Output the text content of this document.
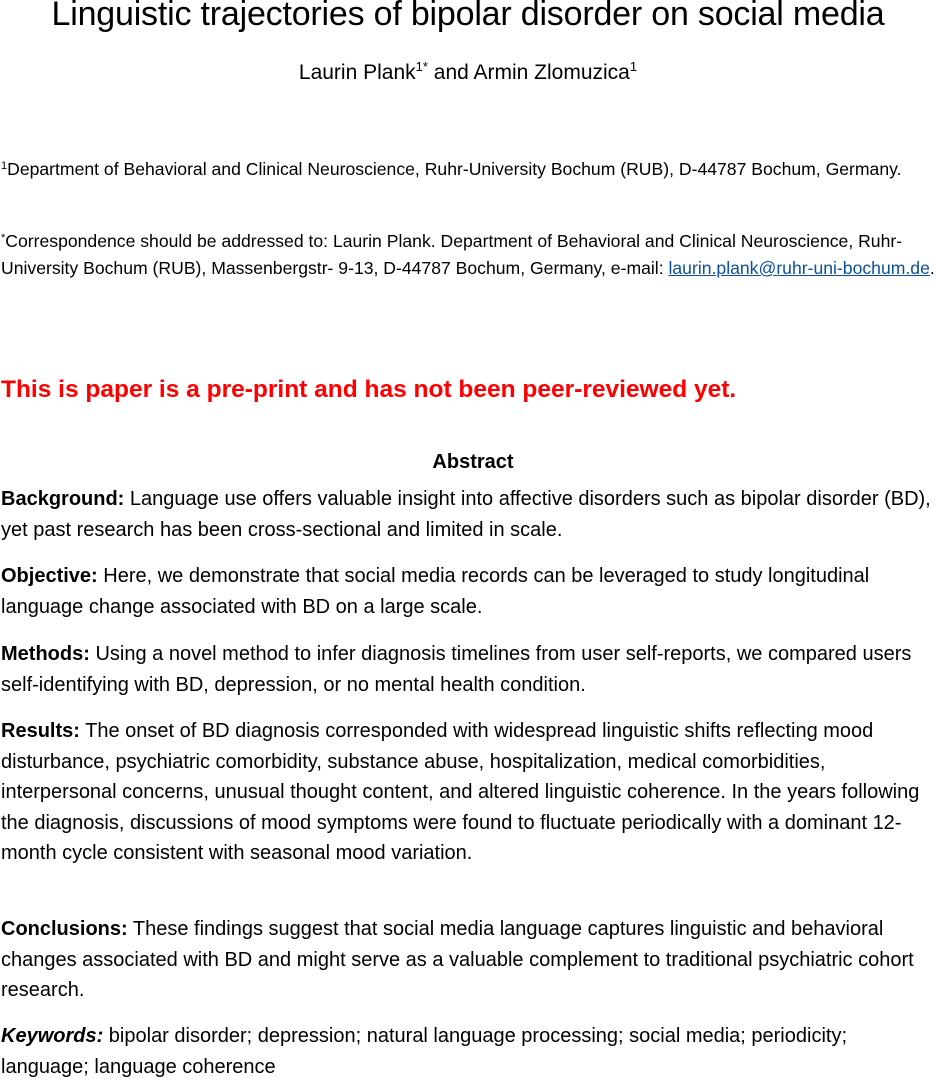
Linguistic trajectories of bipolar disorder on social media
Laurin Plank$^{1*}$ and Armin Zlomuzica$^1$

$^1$Department of Behavioral and Clinical Neuroscience, Ruhr-University Bochum (RUB), D-44787 Bochum, Germany.

*Correspondence should be addressed to: Laurin Plank. Department of Behavioral and Clinical Neuroscience, Ruhr-University Bochum (RUB), Massenbergstr- 9-13, D-44787 Bochum, Germany, e-mail: laurin.plank@ruhr-uni-bochum.de.

This is paper is a pre-print and has not been peer-reviewed yet.

Abstract

Background: Language use offers valuable insight into affective disorders such as bipolar disorder (BD), yet past research has been cross-sectional and limited in scale.

Objective: Here, we demonstrate that social media records can be leveraged to study longitudinal language change associated with BD on a large scale.

Methods: Using a novel method to infer diagnosis timelines from user self-reports, we compared users self-identifying with BD, depression, or no mental health condition.

Results: The onset of BD diagnosis corresponded with widespread linguistic shifts reflecting mood disturbance, psychiatric comorbidity, substance abuse, hospitalization, medical comorbidities, interpersonal concerns, unusual thought content, and altered linguistic coherence. In the years following the diagnosis, discussions of mood symptoms were found to fluctuate periodically with a dominant 12-month cycle consistent with seasonal mood variation.

Conclusions: These findings suggest that social media language captures linguistic and behavioral changes associated with BD and might serve as a valuable complement to traditional psychiatric cohort research.

Keywords: bipolar disorder; depression; natural language processing; social media; periodicity; language; language coherence
